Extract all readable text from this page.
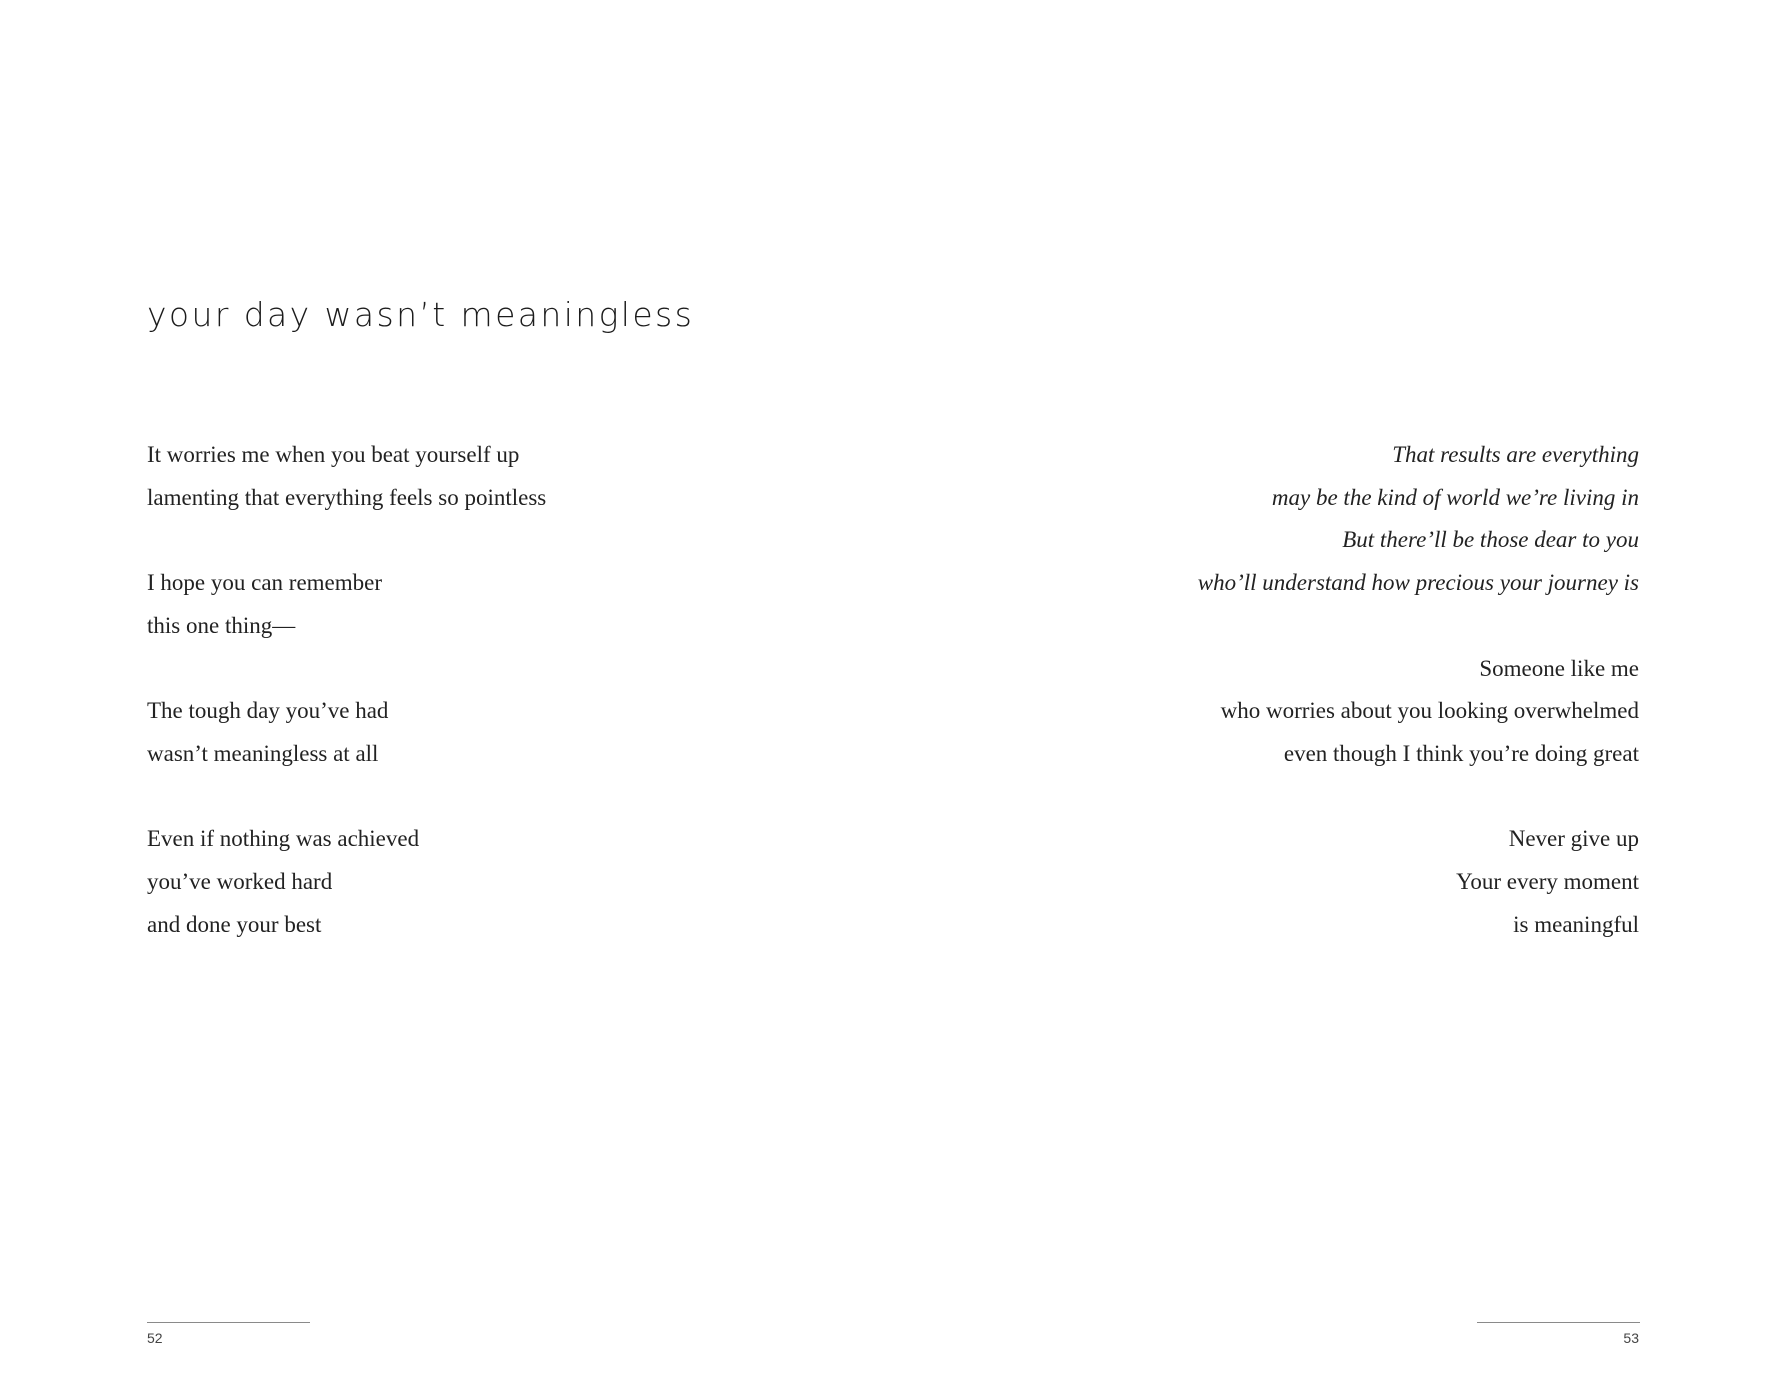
your day wasn’t meaningless

It worries me when you beat yourself up
lamenting that everything feels so pointless

I hope you can remember
this one thing—

The tough day you’ve had
wasn’t meaningless at all

Even if nothing was achieved
you’ve worked hard
and done your best

That results are everything
may be the kind of world we’re living in
But there’ll be those dear to you
who’ll understand how precious your journey is

Someone like me
who worries about you looking overwhelmed
even though I think you’re doing great

Never give up
Your every moment
is meaningful

52	53
